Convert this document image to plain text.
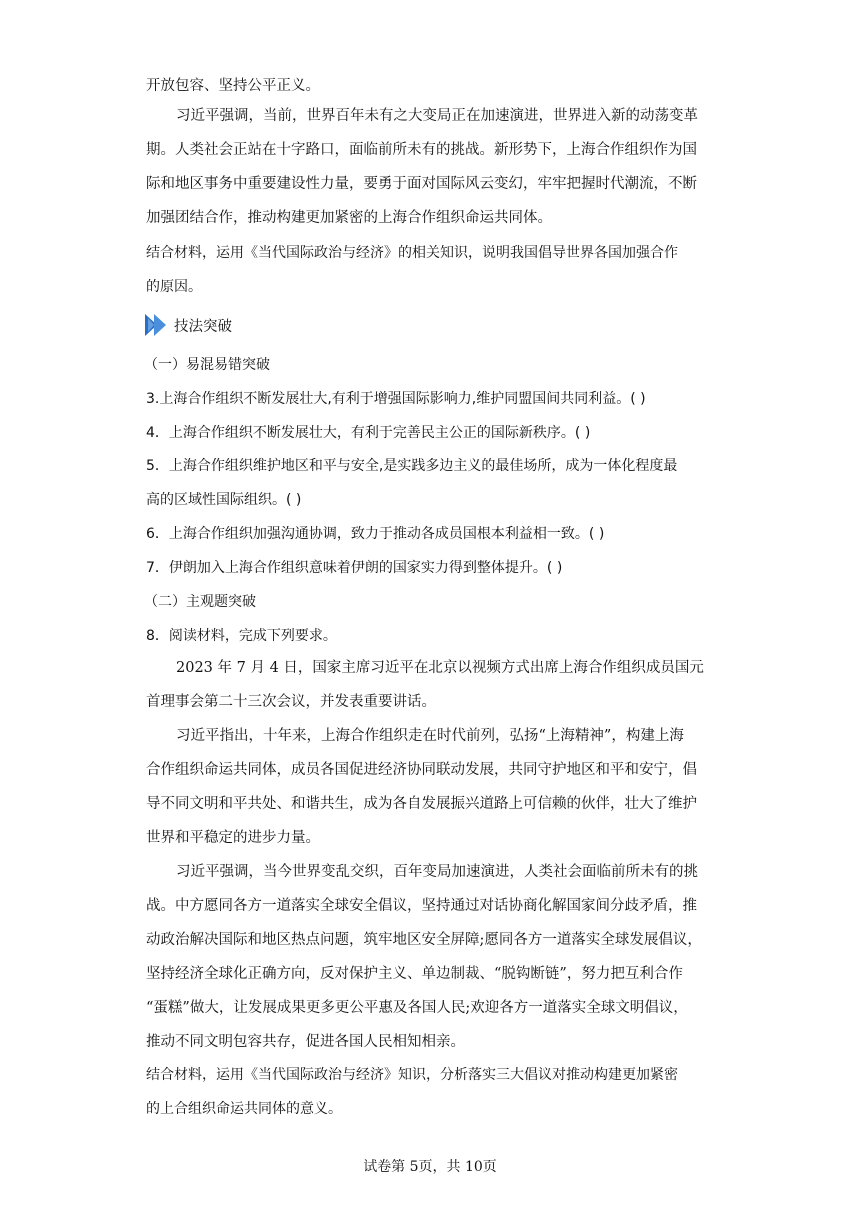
开放包容、坚持公平正义。
习近平强调，当前，世界百年未有之大变局正在加速演进，世界进入新的动荡变革
期。人类社会正站在十字路口，面临前所未有的挑战。新形势下，上海合作组织作为国
际和地区事务中重要建设性力量，要勇于面对国际风云变幻，牢牢把握时代潮流，不断
加强团结合作，推动构建更加紧密的上海合作组织命运共同体。
结合材料，运用《当代国际政治与经济》的相关知识，说明我国倡导世界各国加强合作
的原因。
技法突破
（一）易混易错突破
3.上海合作组织不断发展壮大,有利于增强国际影响力,维护同盟国间共同利益。( )
4．上海合作组织不断发展壮大，有利于完善民主公正的国际新秩序。( )
5．上海合作组织维护地区和平与安全,是实践多边主义的最佳场所，成为一体化程度最
高的区域性国际组织。( )
6．上海合作组织加强沟通协调，致力于推动各成员国根本利益相一致。( )
7．伊朗加入上海合作组织意味着伊朗的国家实力得到整体提升。( )
（二）主观题突破
8．阅读材料，完成下列要求。
2023 年 7 月 4 日，国家主席习近平在北京以视频方式出席上海合作组织成员国元
首理事会第二十三次会议，并发表重要讲话。
习近平指出，十年来，上海合作组织走在时代前列，弘扬“上海精神”，构建上海
合作组织命运共同体，成员各国促进经济协同联动发展，共同守护地区和平和安宁，倡
导不同文明和平共处、和谐共生，成为各自发展振兴道路上可信赖的伙伴，壮大了维护
世界和平稳定的进步力量。
习近平强调，当今世界变乱交织，百年变局加速演进，人类社会面临前所未有的挑
战。中方愿同各方一道落实全球安全倡议，坚持通过对话协商化解国家间分歧矛盾，推
动政治解决国际和地区热点问题，筑牢地区安全屏障;愿同各方一道落实全球发展倡议，
坚持经济全球化正确方向，反对保护主义、单边制裁、“脱钩断链”，努力把互利合作
“蛋糕”做大，让发展成果更多更公平惠及各国人民;欢迎各方一道落实全球文明倡议，
推动不同文明包容共存，促进各国人民相知相亲。
结合材料，运用《当代国际政治与经济》知识，分析落实三大倡议对推动构建更加紧密
的上合组织命运共同体的意义。
试卷第 5页，共 10页
